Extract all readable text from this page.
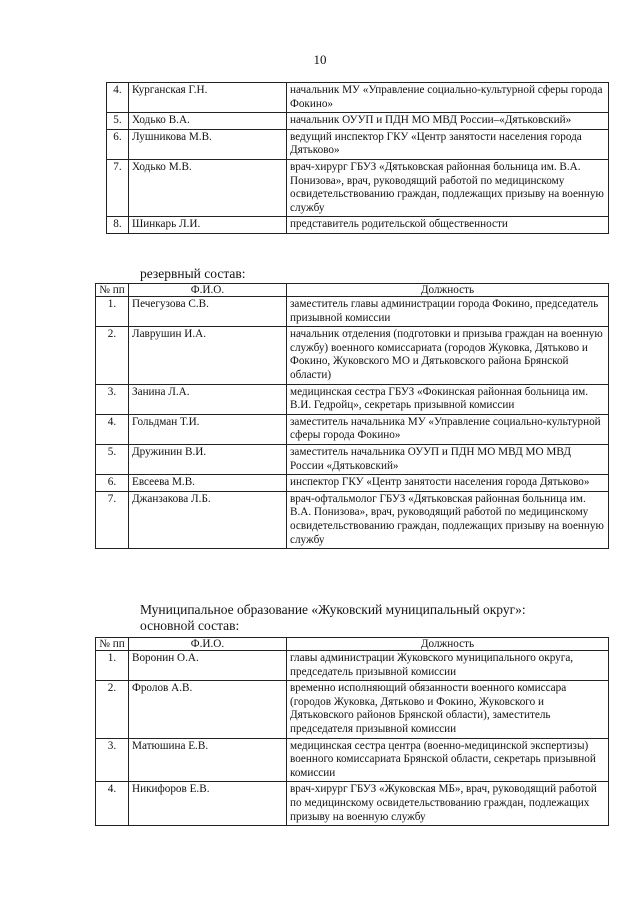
10
4.	Курганская Г.Н.	начальник МУ «Управление социально-культурной сферы города Фокино»
5.	Ходько В.А.	начальник ОУУП и ПДН МО МВД России–«Дятьковский»
6.	Лушникова М.В.	ведущий инспектор ГКУ «Центр занятости населения города Дятьково»
7.	Ходько М.В.	врач-хирург ГБУЗ «Дятьковская районная больница им. В.А. Понизова», врач, руководящий работой по медицинскому освидетельствованию граждан, подлежащих призыву на военную службу
8.	Шинкарь Л.И.	представитель родительской общественности
резервный состав:
№ пп	Ф.И.О.	Должность
1.	Печегузова С.В.	заместитель главы администрации города Фокино, председатель призывной комиссии
2.	Лаврушин И.А.	начальник отделения (подготовки и призыва граждан на военную службу) военного комиссариата (городов Жуковка, Дятьково и Фокино, Жуковского МО и Дятьковского района Брянской области)
3.	Занина Л.А.	медицинская сестра ГБУЗ «Фокинская районная больница им. В.И. Гедройц», секретарь призывной комиссии
4.	Гольдман Т.И.	заместитель начальника МУ «Управление социально-культурной сферы города Фокино»
5.	Дружинин В.И.	заместитель начальника ОУУП и ПДН МО МВД МО МВД России «Дятьковский»
6.	Евсеева М.В.	инспектор ГКУ «Центр занятости населения города Дятьково»
7.	Джанзакова Л.Б.	врач-офтальмолог ГБУЗ «Дятьковская районная больница им. В.А. Понизова», врач, руководящий работой по медицинскому освидетельствованию граждан, подлежащих призыву на военную службу
Муниципальное образование «Жуковский муниципальный округ»:
основной состав:
№ пп	Ф.И.О.	Должность
1.	Воронин О.А.	главы администрации Жуковского муниципального округа, председатель призывной комиссии
2.	Фролов А.В.	временно исполняющий обязанности военного комиссара (городов Жуковка, Дятьково и Фокино, Жуковского и Дятьковского районов Брянской области), заместитель председателя призывной комиссии
3.	Матюшина Е.В.	медицинская сестра центра (военно-медицинской экспертизы) военного комиссариата Брянской области, секретарь призывной комиссии
4.	Никифоров Е.В.	врач-хирург ГБУЗ «Жуковская МБ», врач, руководящий работой по медицинскому освидетельствованию граждан, подлежащих призыву на военную службу
